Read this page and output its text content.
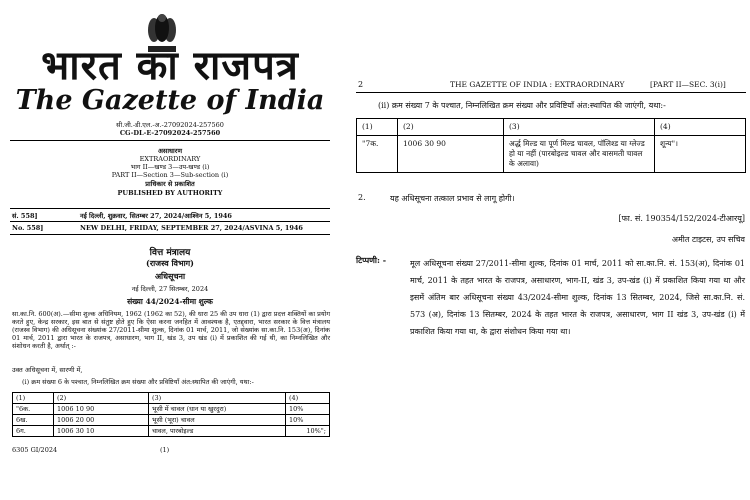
भारत का राजपत्र
The Gazette of India
सी.जी.-डी.एल.-अ.-27092024-257560
CG-DL-E-27092024-257560
असाधारण
EXTRAORDINARY
भाग II—खण्ड 3—उप-खण्ड (i)
PART II—Section 3—Sub-section (i)
प्राधिकार से प्रकाशित
PUBLISHED BY AUTHORITY
सं. 558]	नई दिल्ली, शुक्रवार, सितम्बर 27, 2024/आश्विन 5, 1946
No. 558]	NEW DELHI, FRIDAY, SEPTEMBER 27, 2024/ASVINA 5, 1946
वित्त मंत्रालय
(राजस्व विभाग)
अधिसूचना
नई दिल्ली, 27 सितम्बर, 2024
संख्या 44/2024-सीमा शुल्क
सा.का.नि. 600(अ).—सीमा शुल्क अधिनियम, 1962 (1962 का 52), की धारा 25 की उप धारा (1) द्वारा प्रदत्त शक्तियों का प्रयोग करते हुए, केन्द्र सरकार, इस बात से संतुष्ट होते हुए कि ऐसा करना जनहित में आवश्यक है, एतद्द्वारा, भारत सरकार के वित्त मंत्रालय (राजस्व विभाग) की अधिसूचना संख्यांक 27/2011-सीमा शुल्क, दिनांक 01 मार्च, 2011, जो संख्यांक सा.का.नि. 153(अ), दिनांक 01 मार्च, 2011 द्वारा भारत के राजपत्र, असाधारण, भाग II, खंड 3, उप खंड (i) में प्रकाशित की गई थी, का निम्नलिखित और संशोधन करती है, अर्थात् :-
उक्त अधिसूचना में, सारणी में,
(i) क्रम संख्या 6 के पश्चात, निम्नलिखित क्रम संख्या और प्रविष्टियाँ अंत:स्थापित की जाएंगी, यथा:-
(1)	(2)	(3)	(4)
"6क.	1006 10 90	भूसी में चावल (धान या खुरदुरा)	10%
6ख.	1006 20 00	भूसी (भूरा) चावल	10%
6ग.	1006 30 10	चावल, पारबोइल्ड	10%";
6305 GI/2024	(1)
2	THE GAZETTE OF INDIA : EXTRAORDINARY	[PART II—SEC. 3(i)]
(ii) क्रम संख्या 7 के पश्चात, निम्नलिखित क्रम संख्या और प्रविष्टियाँ अंत:स्थापित की जाएंगी, यथा:-
(1)	(2)	(3)	(4)
"7क.	1006 30 90	अर्द्ध मिल्ड या पूर्ण मिल्ड चावल, पॉलिश्ड या ग्लेज्ड हो या नहीं (पारबोइल्ड चावल और बासमती चावल के अलावा)	शून्य"।
2.	यह अधिसूचना तत्काल प्रभाव से लागू होगी।
[फा. सं. 190354/152/2024-टीआरयू]
अमीत टाइटस, उप सचिव
टिप्पणी: -	मूल अधिसूचना संख्या 27/2011-सीमा शुल्क, दिनांक 01 मार्च, 2011 को सा.का.नि. सं. 153(अ), दिनांक 01 मार्च, 2011 के तहत भारत के राजपत्र, असाधारण, भाग-II, खंड 3, उप-खंड (i) में प्रकाशित किया गया था और इसमें अंतिम बार अधिसूचना संख्या 43/2024-सीमा शुल्क, दिनांक 13 सितम्बर, 2024, जिसे सा.का.नि. सं. 573 (अ), दिनांक 13 सितम्बर, 2024 के तहत भारत के राजपत्र, असाधारण, भाग II खंड 3, उप-खंड (i) में प्रकाशित किया गया था, के द्वारा संशोधन किया गया था।
